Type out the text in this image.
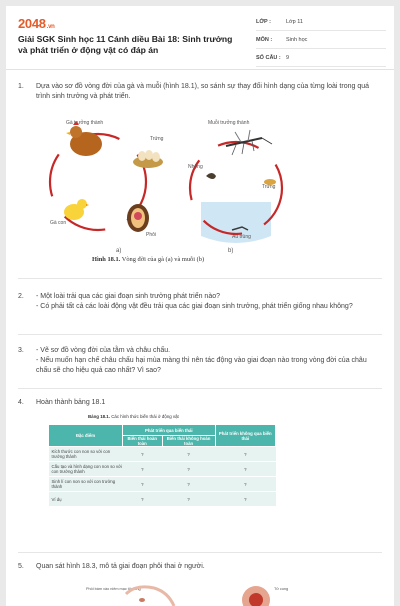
2048.vn
Giải SGK Sinh học 11 Cánh diều Bài 18: Sinh trưởng và phát triển ở động vật có đáp án
LỚP :	Lớp 11
MÔN :	Sinh học
SỐ CÂU : 9
1. Dựa vào sơ đồ vòng đời của gà và muỗi (hình 18.1), so sánh sự thay đổi hình dạng của từng loài trong quá trình sinh trưởng và phát triển.
Gà trưởng thành
Trứng
Gà con
Phôi
Muỗi trưởng thành
Trứng
Nhộng
Ấu trùng
a)	b)
Hình 18.1. Vòng đời của gà (a) và muỗi (b)
2. - Một loài trải qua các giai đoạn sinh trưởng phát triển nào?
- Có phải tất cả các loài động vật đều trải qua các giai đoạn sinh trưởng, phát triển giống nhau không?
3. - Vẽ sơ đồ vòng đời của tằm và châu chấu.
- Nếu muốn hạn chế châu chấu hại mùa màng thì nên tác động vào giai đoạn nào trong vòng đời của châu chấu sẽ cho hiệu quả cao nhất? Vì sao?
4. Hoàn thành bảng 18.1
Bảng 18.1. Các hình thức biến thái ở động vật
Đặc điểm	Phát triển qua biến thái		Phát triển không qua biến thái
	Biến thái hoàn toàn	Biến thái không hoàn toàn	
Kích thước con non so với con trưởng thành	?	?	?
Cấu tạo và hình dạng con non so với con trưởng thành	?	?	?
Sinh lí con non so với con trưởng thành	?	?	?
Ví dụ	?	?	?
5. Quan sát hình 18.3, mô tả giai đoạn phôi thai ở người.
Phôi bám vào niêm mạc tử cung	Tử cung
